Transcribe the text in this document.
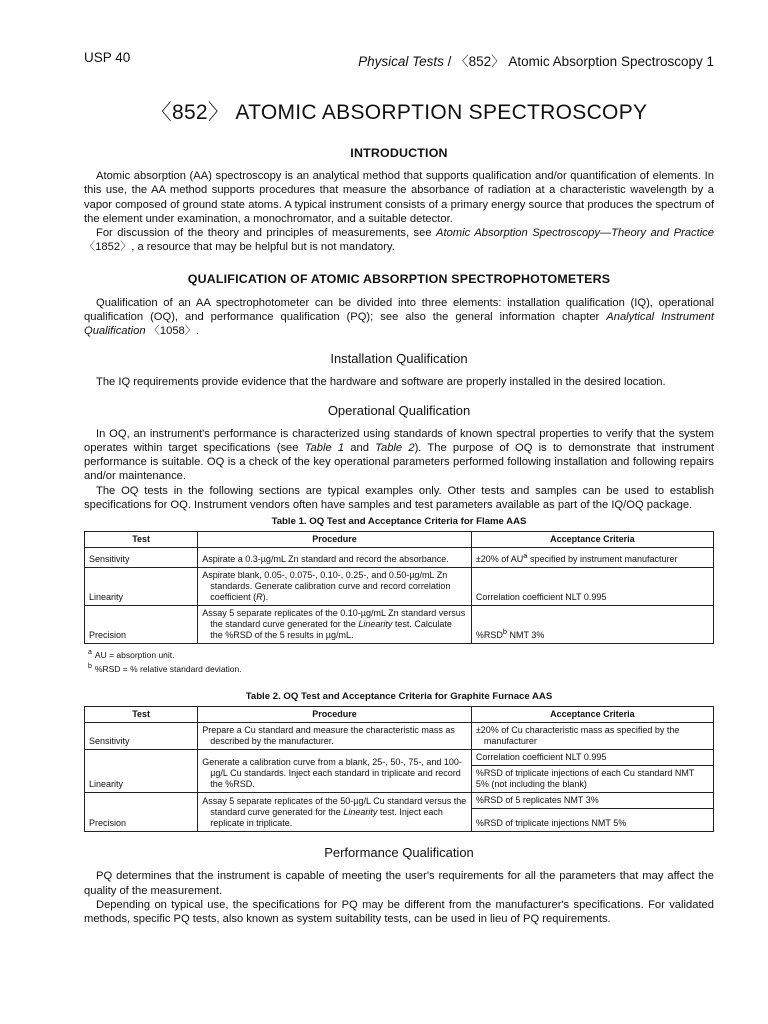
USP 40	Physical Tests / 〈852〉 Atomic Absorption Spectroscopy 1
〈852〉 ATOMIC ABSORPTION SPECTROSCOPY
INTRODUCTION

Atomic absorption (AA) spectroscopy is an analytical method that supports qualification and/or quantification of elements. In this use, the AA method supports procedures that measure the absorbance of radiation at a characteristic wavelength by a vapor composed of ground state atoms. A typical instrument consists of a primary energy source that produces the spectrum of the element under examination, a monochromator, and a suitable detector.

For discussion of the theory and principles of measurements, see Atomic Absorption Spectroscopy—Theory and Practice 〈1852〉, a resource that may be helpful but is not mandatory.

QUALIFICATION OF ATOMIC ABSORPTION SPECTROPHOTOMETERS

Qualification of an AA spectrophotometer can be divided into three elements: installation qualification (IQ), operational qualification (OQ), and performance qualification (PQ); see also the general information chapter Analytical Instrument Qualification 〈1058〉.

Installation Qualification

The IQ requirements provide evidence that the hardware and software are properly installed in the desired location.

Operational Qualification

In OQ, an instrument's performance is characterized using standards of known spectral properties to verify that the system operates within target specifications (see Table 1 and Table 2). The purpose of OQ is to demonstrate that instrument performance is suitable. OQ is a check of the key operational parameters performed following installation and following repairs and/or maintenance.

The OQ tests in the following sections are typical examples only. Other tests and samples can be used to establish specifications for OQ. Instrument vendors often have samples and test parameters available as part of the IQ/OQ package.

Table 1. OQ Test and Acceptance Criteria for Flame AAS
Test	Procedure	Acceptance Criteria
Sensitivity	Aspirate a 0.3-µg/mL Zn standard and record the absorbance.	±20% of $AU^a$ specified by instrument manufacturer
Linearity	Aspirate blank, 0.05-, 0.075-, 0.10-, 0.25-, and 0.50-µg/mL Zn standards. Generate calibration curve and record correlation coefficient (R).	Correlation coefficient NLT 0.995
Precision	Assay 5 separate replicates of the 0.10-µg/mL Zn standard versus the standard curve generated for the Linearity test. Calculate the %RSD of the 5 results in µg/mL.	%RSD$^b$ NMT 3%
$^a$ AU = absorption unit.
$^b$ %RSD = % relative standard deviation.
Table 2. OQ Test and Acceptance Criteria for Graphite Furnace AAS
Test	Procedure	Acceptance Criteria
Sensitivity	Prepare a Cu standard and measure the characteristic mass as described by the manufacturer.	±20% of Cu characteristic mass as specified by the manufacturer

Linearity	Generate a calibration curve from a blank, 25-, 50-, 75-, and 100-µg/L Cu standards. Inject each standard in triplicate and record the %RSD.	Correlation coefficient NLT 0.995
%RSD of triplicate injections of each Cu standard NMT 5% (not including the blank)

Precision	Assay 5 separate replicates of the 50-µg/L Cu standard versus the standard curve generated for the Linearity test. Inject each replicate in triplicate.	%RSD of 5 replicates NMT 3%
%RSD of triplicate injections NMT 5%
Performance Qualification

PQ determines that the instrument is capable of meeting the user's requirements for all the parameters that may affect the quality of the measurement.

Depending on typical use, the specifications for PQ may be different from the manufacturer's specifications. For validated methods, specific PQ tests, also known as system suitability tests, can be used in lieu of PQ requirements.
